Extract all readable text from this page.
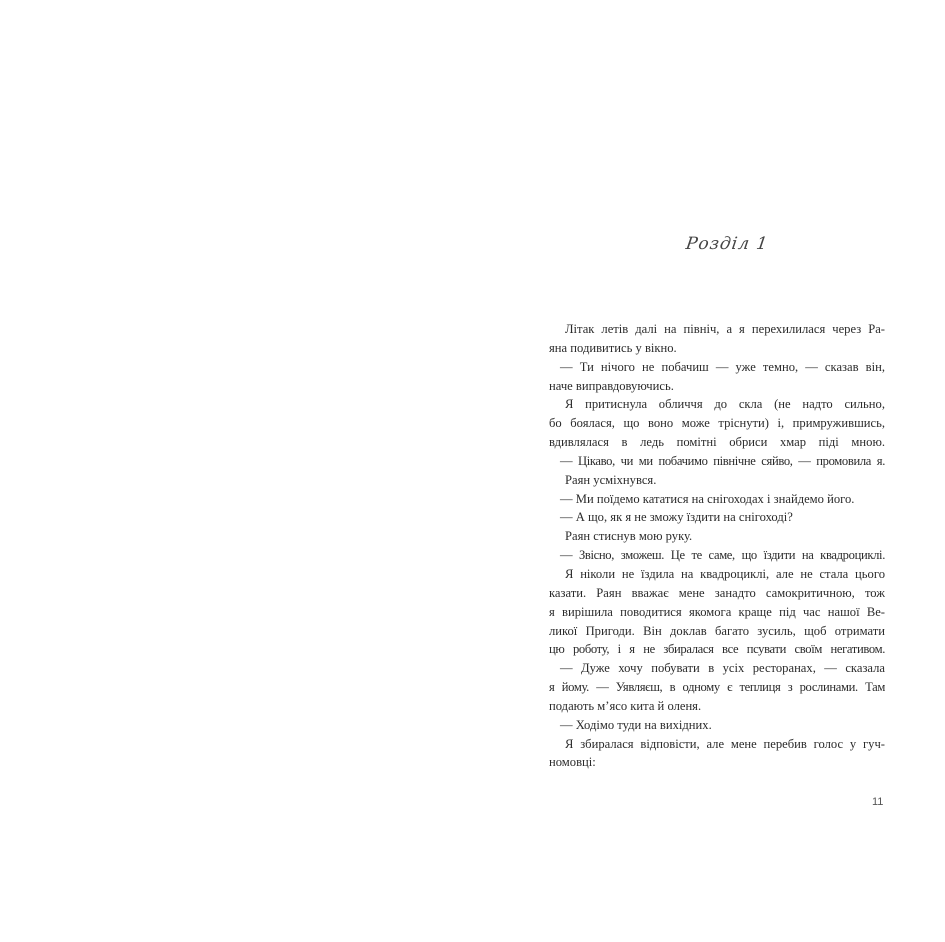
Розділ 1
Літак летів далі на північ, а я перехилилася через Ра-
яна подивитись у вікно.
— Ти нічого не побачиш — уже темно, — сказав він,
наче виправдовуючись.
Я притиснула обличчя до скла (не надто сильно,
бо боялася, що воно може тріснути) і, примружившись,
вдивлялася в ледь помітні обриси хмар піді мною.
— Цікаво, чи ми побачимо північне сяйво, — промовила я.
Раян усміхнувся.
— Ми поїдемо кататися на снігоходах і знайдемо його.
— А що, як я не зможу їздити на снігоході?
Раян стиснув мою руку.
— Звісно, зможеш. Це те саме, що їздити на квадроциклі.
Я ніколи не їздила на квадроциклі, але не стала цього
казати. Раян вважає мене занадто самокритичною, тож
я вирішила поводитися якомога краще під час нашої Ве-
ликої Пригоди. Він доклав багато зусиль, щоб отримати
цю роботу, і я не збиралася все псувати своїм негативом.
— Дуже хочу побувати в усіх ресторанах, — сказала
я йому. — Уявляєш, в одному є теплиця з рослинами. Там
подають м’ясо кита й оленя.
— Ходімо туди на вихідних.
Я збиралася відповісти, але мене перебив голос у гуч-
номовці:
11
